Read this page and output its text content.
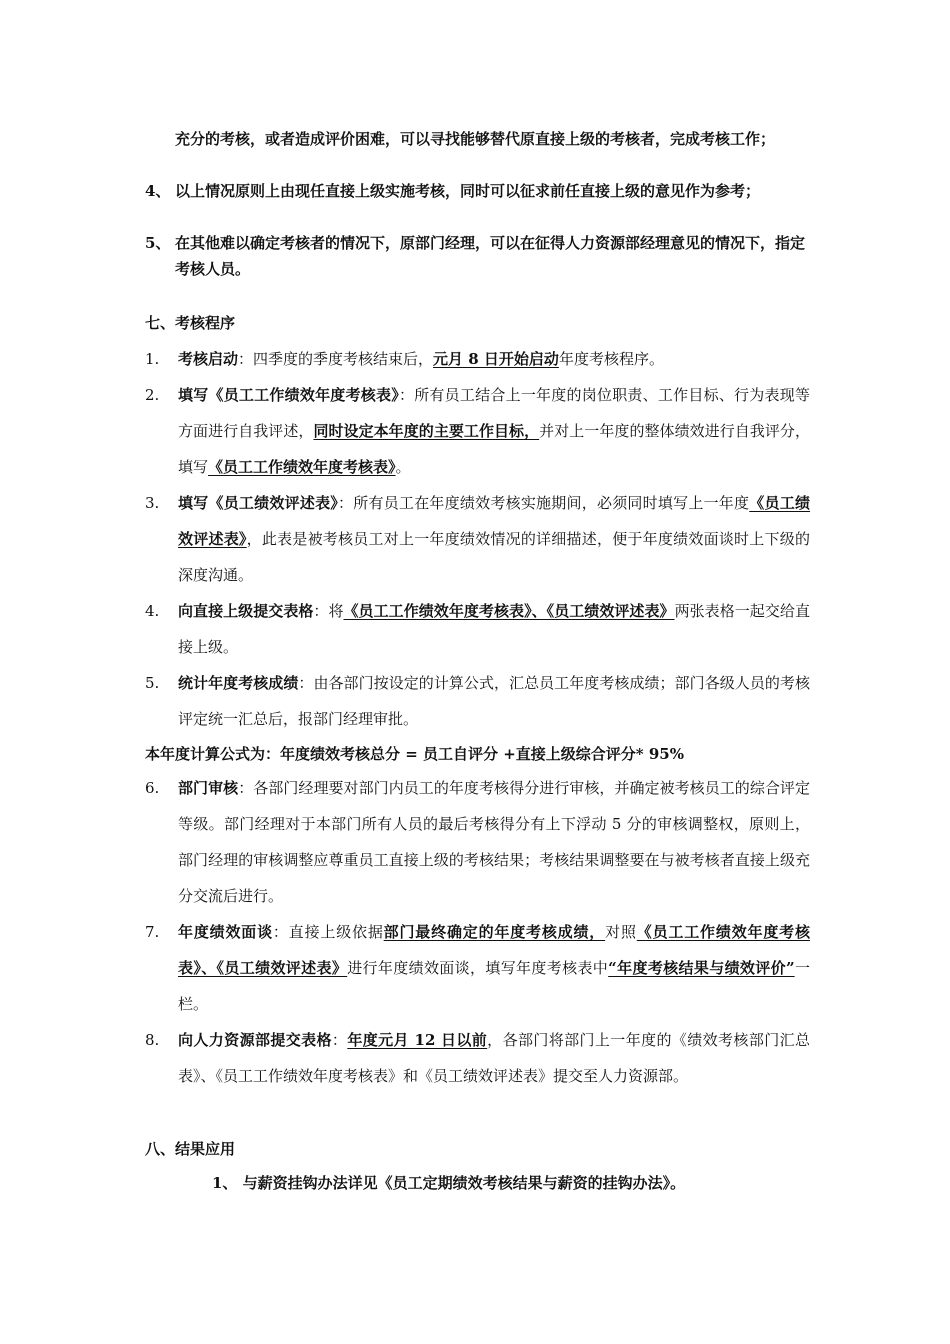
充分的考核，或者造成评价困难，可以寻找能够替代原直接上级的考核者，完成考核工作；
4、 以上情况原则上由现任直接上级实施考核，同时可以征求前任直接上级的意见作为参考；
5、 在其他难以确定考核者的情况下，原部门经理，可以在征得人力资源部经理意见的情况下，指定考核人员。
七、考核程序
1.	考核启动：四季度的季度考核结束后，元月 8 日开始启动年度考核程序。
2.	填写《员工工作绩效年度考核表》：所有员工结合上一年度的岗位职责、工作目标、行为表现等方面进行自我评述，同时设定本年度的主要工作目标，并对上一年度的整体绩效进行自我评分，填写《员工工作绩效年度考核表》。
3.	填写《员工绩效评述表》：所有员工在年度绩效考核实施期间，必须同时填写上一年度《员工绩效评述表》，此表是被考核员工对上一年度绩效情况的详细描述，便于年度绩效面谈时上下级的深度沟通。
4.	向直接上级提交表格：将《员工工作绩效年度考核表》、《员工绩效评述表》两张表格一起交给直接上级。
5.	统计年度考核成绩：由各部门按设定的计算公式，汇总员工年度考核成绩；部门各级人员的考核评定统一汇总后，报部门经理审批。
本年度计算公式为：年度绩效考核总分 = 员工自评分 +直接上级综合评分* 95%
6.	部门审核：各部门经理要对部门内员工的年度考核得分进行审核，并确定被考核员工的综合评定等级。部门经理对于本部门所有人员的最后考核得分有上下浮动 5 分的审核调整权，原则上，部门经理的审核调整应尊重员工直接上级的考核结果；考核结果调整要在与被考核者直接上级充分交流后进行。
7.	年度绩效面谈：直接上级依据部门最终确定的年度考核成绩，对照《员工工作绩效年度考核表》、《员工绩效评述表》进行年度绩效面谈，填写年度考核表中“年度考核结果与绩效评价”一栏。
8.	向人力资源部提交表格：年度元月 12 日以前，各部门将部门上一年度的《绩效考核部门汇总表》、《员工工作绩效年度考核表》和《员工绩效评述表》提交至人力资源部。
八、结果应用
1、 与薪资挂钩办法详见《员工定期绩效考核结果与薪资的挂钩办法》。
